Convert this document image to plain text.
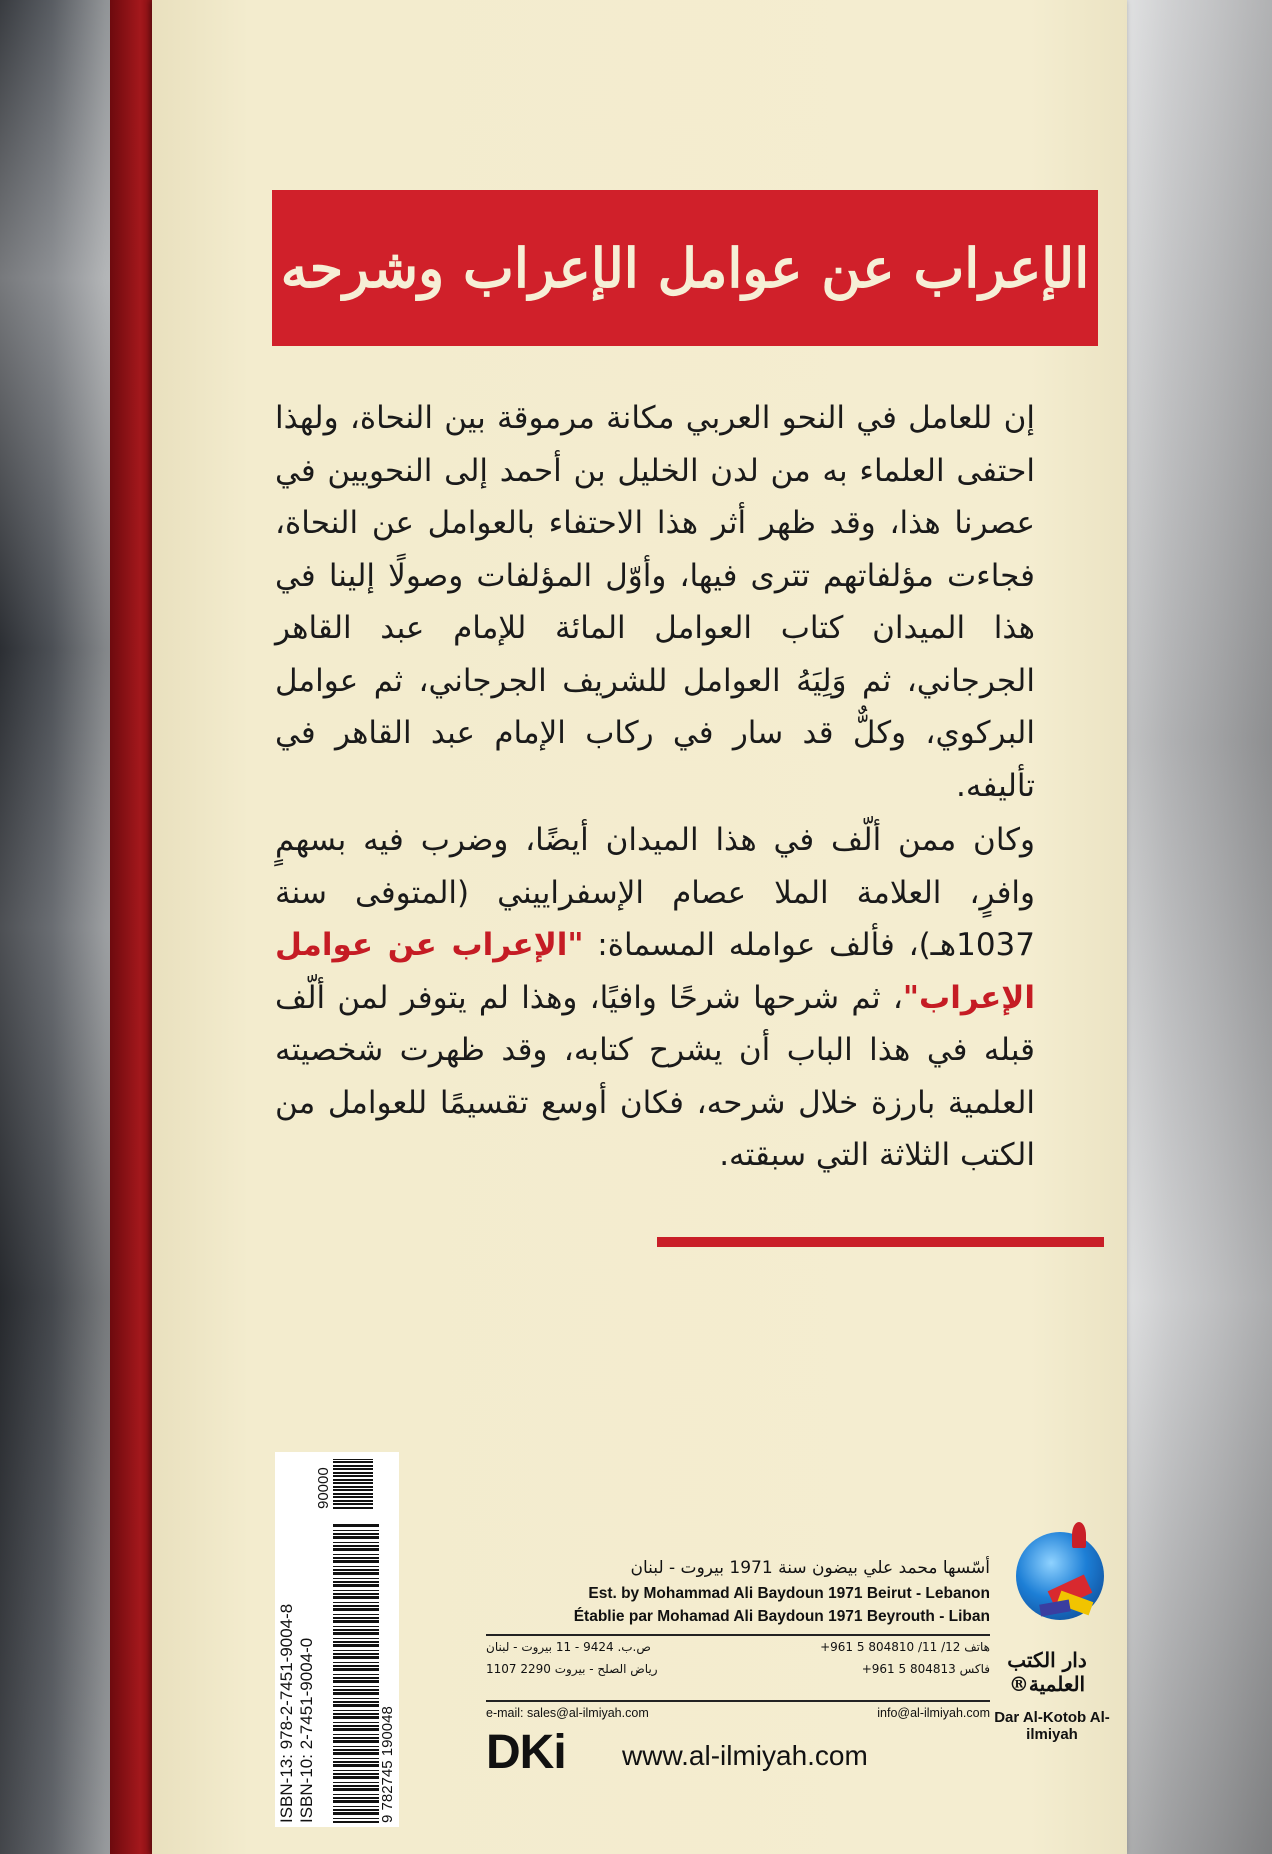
الإعراب عن عوامل الإعراب وشرحه

إن للعامل في النحو العربي مكانة مرموقة بين النحاة، ولهذا احتفى العلماء به من لدن الخليل بن أحمد إلى النحويين في عصرنا هذا، وقد ظهر أثر هذا الاحتفاء بالعوامل عن النحاة، فجاءت مؤلفاتهم تترى فيها، وأوّل المؤلفات وصولًا إلينا في هذا الميدان كتاب العوامل المائة للإمام عبد القاهر الجرجاني، ثم وَلِيَهُ العوامل للشريف الجرجاني، ثم عوامل البركوي، وكلٌّ قد سار في ركاب الإمام عبد القاهر في تأليفه.

وكان ممن ألّف في هذا الميدان أيضًا، وضرب فيه بسهمٍ وافرٍ، العلامة الملا عصام الإسفراييني (المتوفى سنة 1037هـ)، فألف عوامله المسماة: "الإعراب عن عوامل الإعراب"، ثم شرحها شرحًا وافيًا، وهذا لم يتوفر لمن ألّف قبله في هذا الباب أن يشرح كتابه، وقد ظهرت شخصيته العلمية بارزة خلال شرحه، فكان أوسع تقسيمًا للعوامل من الكتب الثلاثة التي سبقته.

ISBN-13: 978-2-7451-9004-8 ISBN-10: 2-7451-9004-0
90000
9 782745 190048
أسّسها محمد علي بيضون سنة 1971 بيروت - لبنان
Est. by Mohammad Ali Baydoun 1971 Beirut - Lebanon
Établie par Mohamad Ali Baydoun 1971 Beyrouth - Liban
ص.ب. 9424 - 11 بيروت - لبنان	هاتف 12/ 11/ 804810 5 961+
رياض الصلح - بيروت 2290 1107	فاكس 804813 5 961+
e-mail: sales@al-ilmiyah.com	info@al-ilmiyah.com
DKi www.al-ilmiyah.com
دار الكتب العلمية®
Dar Al-Kotob Al-ilmiyah
